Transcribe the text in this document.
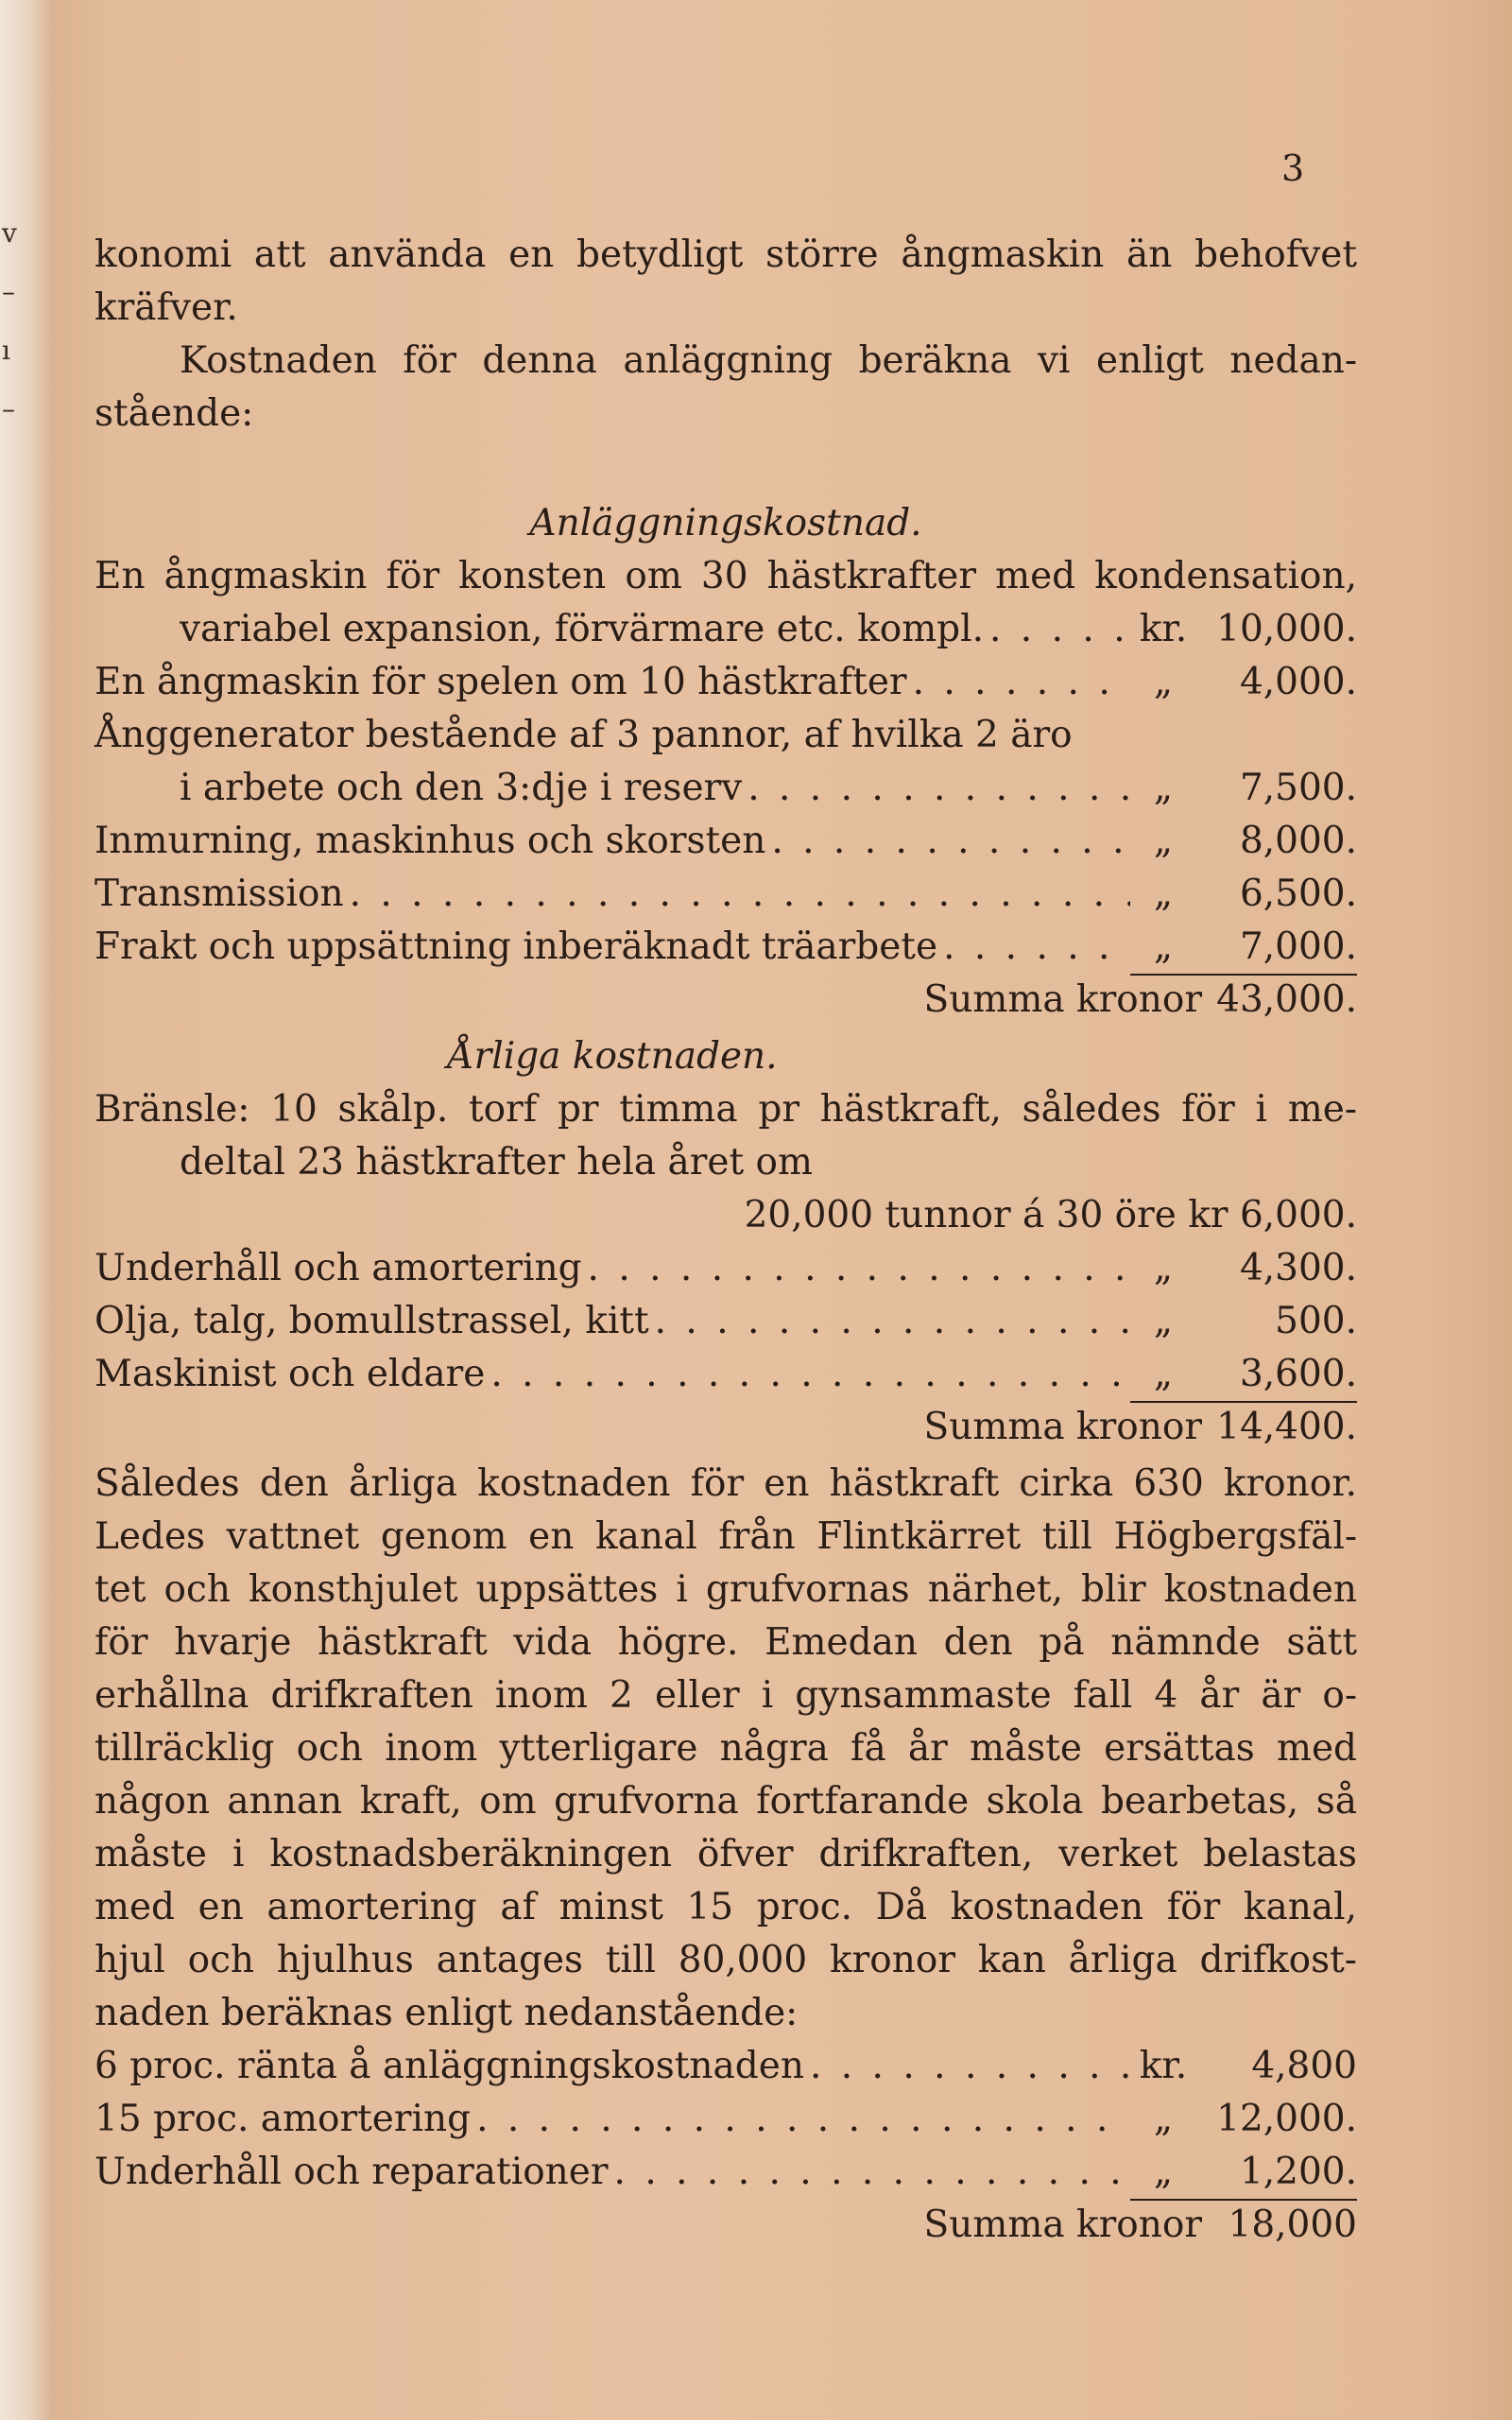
v
–
ı
–
3
konomi att använda en betydligt större ångmaskin än behofvet
kräfver.
Kostnaden för denna anläggning beräkna vi enligt nedan-
stående:
Anläggningskostnad.
En ångmaskin för konsten om 30 hästkrafter med kondensation,
variabel expansion, förvärmare etc. kompl. . . .	kr. 10,000.
En ångmaskin för spelen om 10 hästkrafter . . .	„	4,000.
Ånggenerator bestående af 3 pannor, af hvilka 2 äro
i arbete och den 3:dje i reserv . . .	„	7,500.
Inmurning, maskinhus och skorsten . . .	„	8,000.
Transmission . . .	„	6,500.
Frakt och uppsättning inberäknadt träarbete . . .	„	7,000.
Summa kronor 43,000.
Årliga kostnaden.
Bränsle: 10 skålp. torf pr timma pr hästkraft, således för i me-
deltal 23 hästkrafter hela året om
20,000 tunnor á 30 öre kr 6,000.
Underhåll och amortering . . .	„	4,300.
Olja, talg, bomullstrassel, kitt . . .	„	500.
Maskinist och eldare . . .	„	3,600.
Summa kronor 14,400.
Således den årliga kostnaden för en hästkraft cirka 630 kronor.
Ledes vattnet genom en kanal från Flintkärret till Högbergsfäl-
tet och konsthjulet uppsättes i grufvornas närhet, blir kostnaden
för hvarje hästkraft vida högre. Emedan den på nämnde sätt
erhållna drifkraften inom 2 eller i gynsammaste fall 4 år är o-
tillräcklig och inom ytterligare några få år måste ersättas med
någon annan kraft, om grufvorna fortfarande skola bearbetas, så
måste i kostnadsberäkningen öfver drifkraften, verket belastas
med en amortering af minst 15 proc. Då kostnaden för kanal,
hjul och hjulhus antages till 80,000 kronor kan årliga drifkost-
naden beräknas enligt nedanstående:
6 proc. ränta å anläggningskostnaden . . .	kr.	4,800
15 proc. amortering . . .	„	12,000.
Underhåll och reparationer . . .	„	1,200.
Summa kronor 18,000
